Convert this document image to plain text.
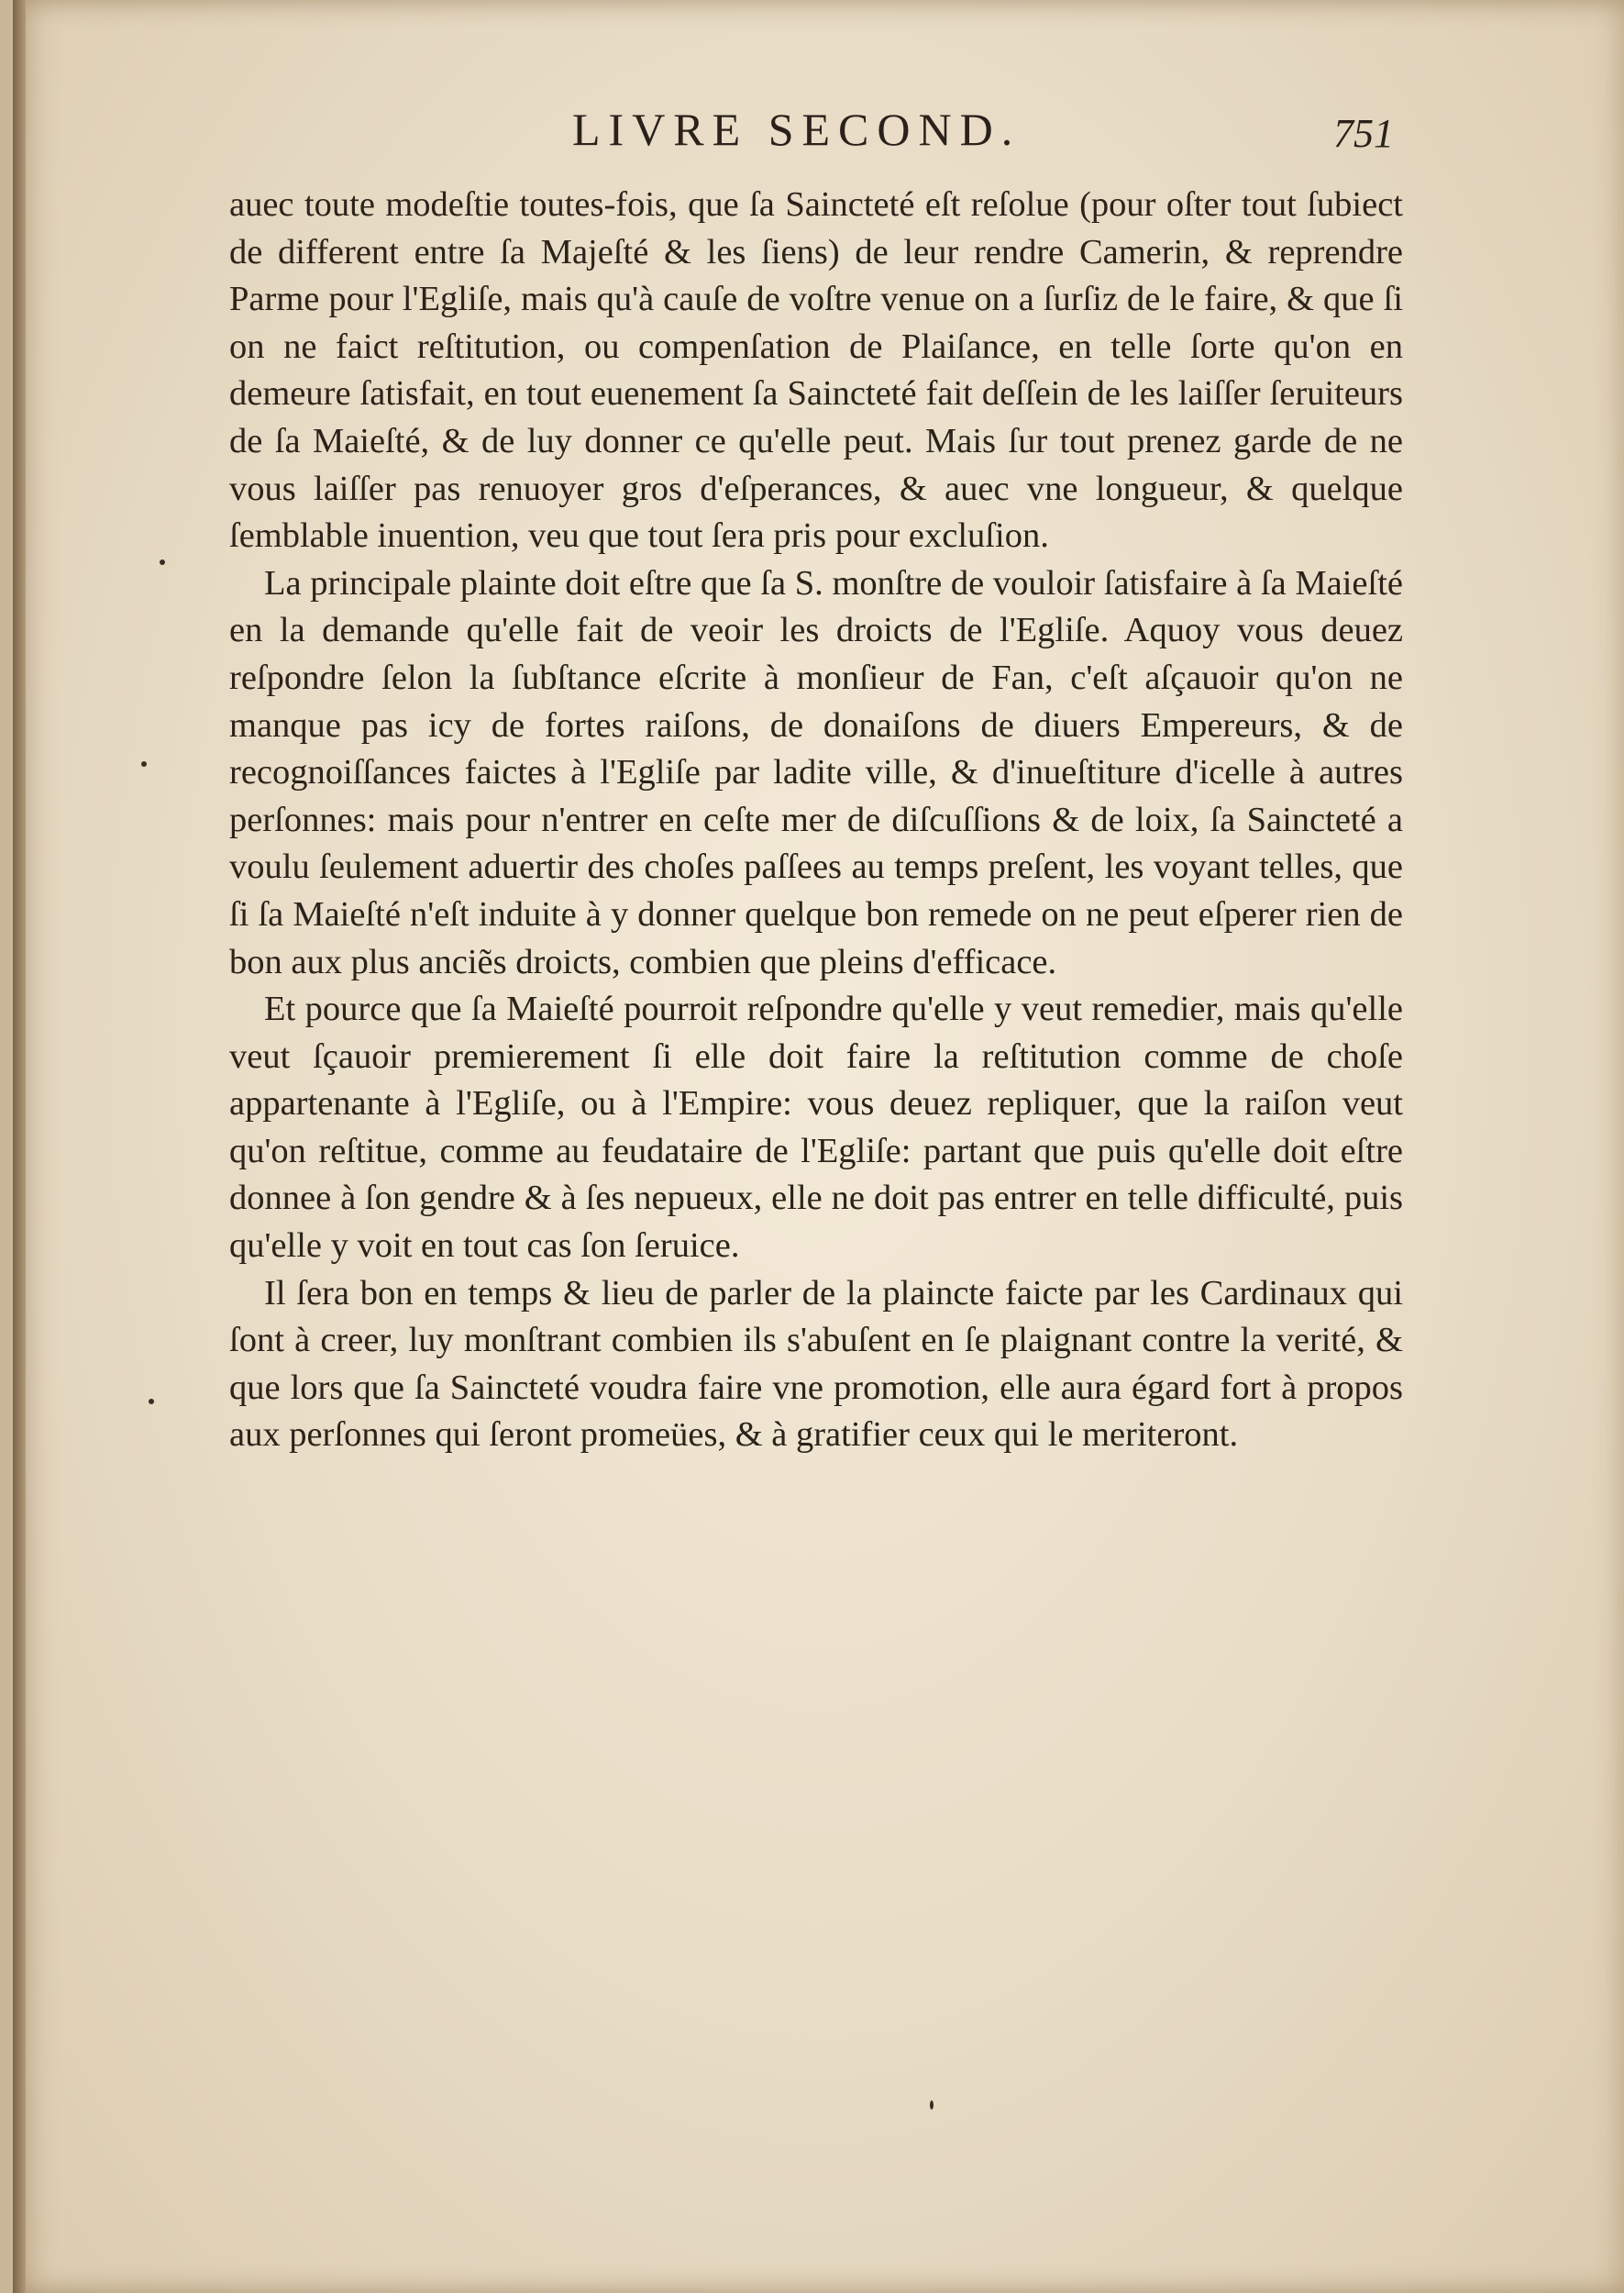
LIVRE SECOND.	751

auec toute modeſtie toutes-fois, que ſa Saincteté eſt reſolue (pour oſter tout ſubiect de different entre ſa Majeſté & les ſiens) de leur rendre Camerin, & reprendre Parme pour l'Egliſe, mais qu'à cauſe de voſtre venue on a ſurſiz de le faire, & que ſi on ne faict reſtitution, ou compenſation de Plaiſance, en telle ſorte qu'on en demeure ſatisfait, en tout euenement ſa Saincteté fait deſſein de les laiſſer ſeruiteurs de ſa Maieſté, & de luy donner ce qu'elle peut. Mais ſur tout prenez garde de ne vous laiſſer pas renuoyer gros d'eſperances, & auec vne longueur, & quelque ſemblable inuention, veu que tout ſera pris pour excluſion.

La principale plainte doit eſtre que ſa S. monſtre de vouloir ſatisfaire à ſa Maieſté en la demande qu'elle fait de veoir les droicts de l'Egliſe. Aquoy vous deuez reſpondre ſelon la ſubſtance eſcrite à monſieur de Fan, c'eſt aſçauoir qu'on ne manque pas icy de fortes raiſons, de donaiſons de diuers Empereurs, & de recognoiſſances faictes à l'Egliſe par ladite ville, & d'inueſtiture d'icelle à autres perſonnes: mais pour n'entrer en ceſte mer de diſcuſſions & de loix, ſa Saincteté a voulu ſeulement aduertir des choſes paſſees au temps preſent, les voyant telles, que ſi ſa Maieſté n'eſt induite à y donner quelque bon remede on ne peut eſperer rien de bon aux plus anciẽs droicts, combien que pleins d'efficace.

Et pource que ſa Maieſté pourroit reſpondre qu'elle y veut remedier, mais qu'elle veut ſçauoir premierement ſi elle doit faire la reſtitution comme de choſe appartenante à l'Egliſe, ou à l'Empire: vous deuez repliquer, que la raiſon veut qu'on reſtitue, comme au feudataire de l'Egliſe: partant que puis qu'elle doit eſtre donnee à ſon gendre & à ſes nepueux, elle ne doit pas entrer en telle difficulté, puis qu'elle y voit en tout cas ſon ſeruice.

Il ſera bon en temps & lieu de parler de la plaincte faicte par les Cardinaux qui ſont à creer, luy monſtrant combien ils s'abuſent en ſe plaignant contre la verité, & que lors que ſa Saincteté voudra faire vne promotion, elle aura égard fort à propos aux perſonnes qui ſeront promeües, & à gratifier ceux qui le meriteront.
